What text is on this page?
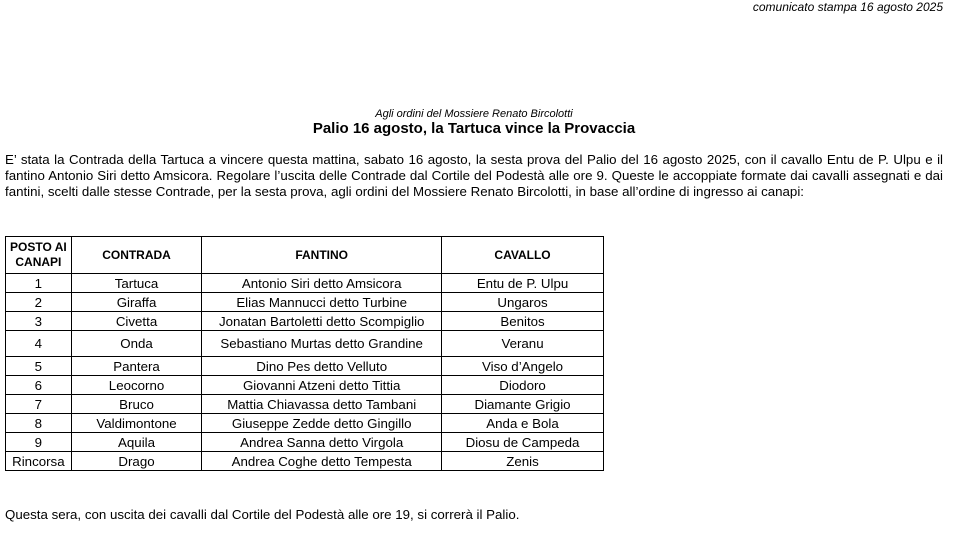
comunicato stampa 16 agosto 2025
Agli ordini del Mossiere Renato Bircolotti
Palio 16 agosto, la Tartuca vince la Provaccia

E’ stata la Contrada della Tartuca a vincere questa mattina, sabato 16 agosto, la sesta prova del Palio del 16 agosto 2025, con il cavallo Entu de P. Ulpu e il fantino Antonio Siri detto Amsicora. Regolare l’uscita delle Contrade dal Cortile del Podestà alle ore 9. Queste le accoppiate formate dai cavalli assegnati e dai fantini, scelti dalle stesse Contrade, per la sesta prova, agli ordini del Mossiere Renato Bircolotti, in base all’ordine di ingresso ai canapi:

POSTO AI CANAPI	CONTRADA	FANTINO	CAVALLO
1	Tartuca	Antonio Siri detto Amsicora	Entu de P. Ulpu
2	Giraffa	Elias Mannucci detto Turbine	Ungaros
3	Civetta	Jonatan Bartoletti detto Scompiglio	Benitos
4	Onda	Sebastiano Murtas detto Grandine	Veranu
5	Pantera	Dino Pes detto Velluto	Viso d’Angelo
6	Leocorno	Giovanni Atzeni detto Tittia	Diodoro
7	Bruco	Mattia Chiavassa detto Tambani	Diamante Grigio
8	Valdimontone	Giuseppe Zedde detto Gingillo	Anda e Bola
9	Aquila	Andrea Sanna detto Virgola	Diosu de Campeda
Rincorsa	Drago	Andrea Coghe detto Tempesta	Zenis

Questa sera, con uscita dei cavalli dal Cortile del Podestà alle ore 19, si correrà il Palio.
